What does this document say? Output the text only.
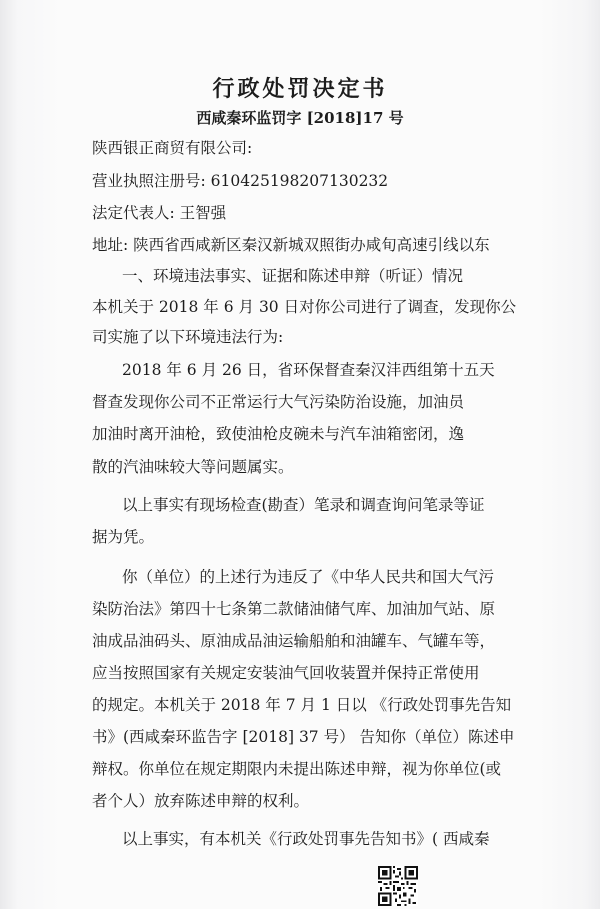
行政处罚决定书
西咸秦环监罚字 [2018]17 号
陕西银正商贸有限公司:
营业执照注册号: 610425198207130232
法定代表人: 王智强
地址: 陕西省西咸新区秦汉新城双照街办咸旬高速引线以东
一、环境违法事实、证据和陈述申辩（听证）情况
本机关于 2018 年 6 月 30 日对你公司进行了调查，发现你公
司实施了以下环境违法行为:
2018 年 6 月 26 日，省环保督查秦汉沣西组第十五天
督查发现你公司不正常运行大气污染防治设施，加油员
加油时离开油枪，致使油枪皮碗未与汽车油箱密闭，逸
散的汽油味较大等问题属实。
以上事实有现场检查(勘查）笔录和调查询问笔录等证
据为凭。
你（单位）的上述行为违反了《中华人民共和国大气污
染防治法》第四十七条第二款储油储气库、加油加气站、原
油成品油码头、原油成品油运输船舶和油罐车、气罐车等，
应当按照国家有关规定安装油气回收装置并保持正常使用
的规定。本机关于 2018 年 7 月 1 日以 《行政处罚事先告知
书》(西咸秦环监告字 [2018] 37 号） 告知你（单位）陈述申
辩权。你单位在规定期限内未提出陈述申辩，视为你单位(或
者个人）放弃陈述申辩的权利。
以上事实，有本机关《行政处罚事先告知书》( 西咸秦
